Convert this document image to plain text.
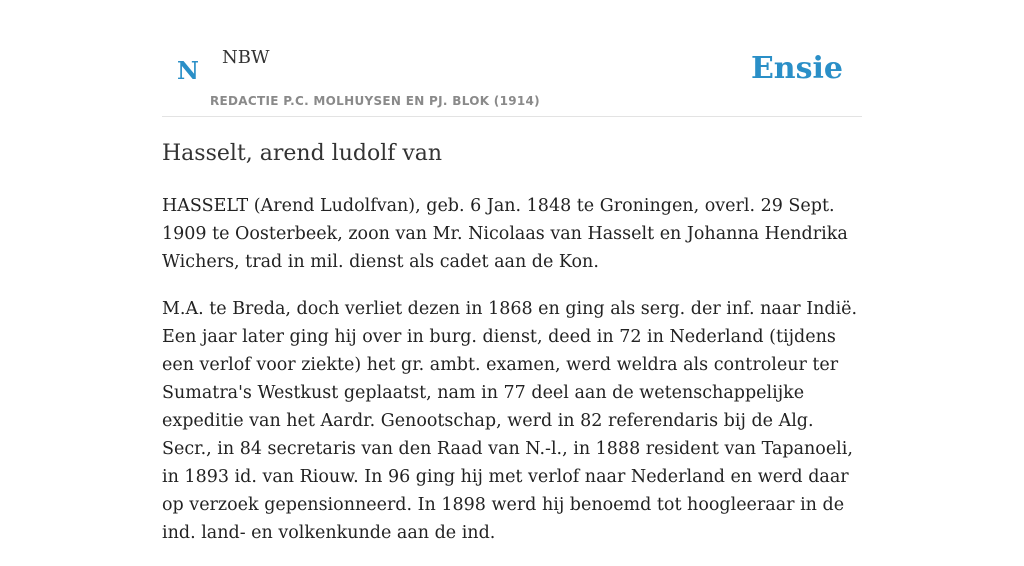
N NBW
REDACTIE P.C. MOLHUYSEN EN PJ. BLOK (1914)
Ensie
Hasselt, arend ludolf van

HASSELT (Arend Ludolfvan), geb. 6 Jan. 1848 te Groningen, overl. 29 Sept. 1909 te Oosterbeek, zoon van Mr. Nicolaas van Hasselt en Johanna Hendrika Wichers, trad in mil. dienst als cadet aan de Kon.

M.A. te Breda, doch verliet dezen in 1868 en ging als serg. der inf. naar Indië. Een jaar later ging hij over in burg. dienst, deed in 72 in Nederland (tijdens een verlof voor ziekte) het gr. ambt. examen, werd weldra als controleur ter Sumatra's Westkust geplaatst, nam in 77 deel aan de wetenschappelijke expeditie van het Aardr. Genootschap, werd in 82 referendaris bij de Alg. Secr., in 84 secretaris van den Raad van N.-l., in 1888 resident van Tapanoeli, in 1893 id. van Riouw. In 96 ging hij met verlof naar Nederland en werd daar op verzoek gepensionneerd. In 1898 werd hij benoemd tot hoogleeraar in de ind. land- en volkenkunde aan de ind.
